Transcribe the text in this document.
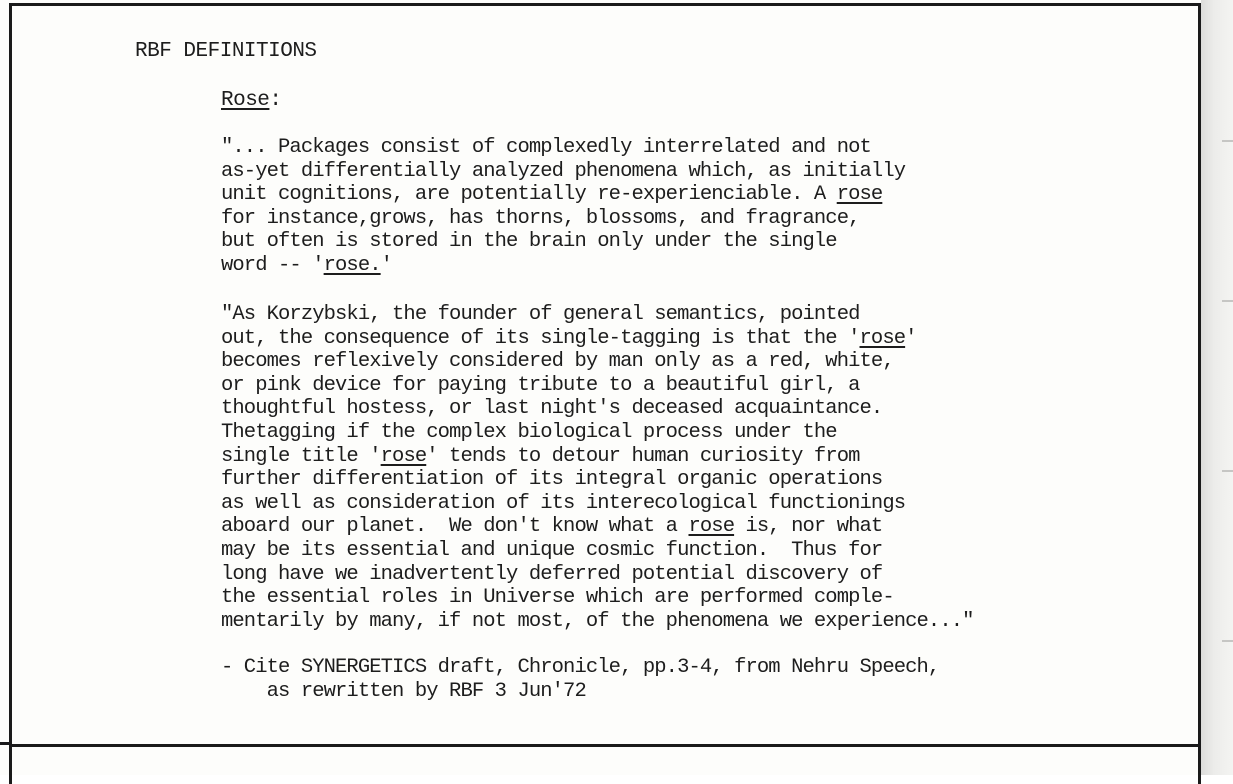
RBF DEFINITIONS
Rose:
"... Packages consist of complexedly interrelated and not
as-yet differentially analyzed phenomena which, as initially
unit cognitions, are potentially re-experienciable. A rose
for instance,grows, has thorns, blossoms, and fragrance,
but often is stored in the brain only under the single
word -- 'rose.'
"As Korzybski, the founder of general semantics, pointed
out, the consequence of its single-tagging is that the 'rose'
becomes reflexively considered by man only as a red, white,
or pink device for paying tribute to a beautiful girl, a
thoughtful hostess, or last night's deceased acquaintance.
Thetagging if the complex biological process under the
single title 'rose' tends to detour human curiosity from
further differentiation of its integral organic operations
as well as consideration of its interecological functionings
aboard our planet.  We don't know what a rose is, nor what
may be its essential and unique cosmic function.  Thus for
long have we inadvertently deferred potential discovery of
the essential roles in Universe which are performed comple-
mentarily by many, if not most, of the phenomena we experience..."
- Cite SYNERGETICS draft, Chronicle, pp.3-4, from Nehru Speech,
as rewritten by RBF 3 Jun'72
